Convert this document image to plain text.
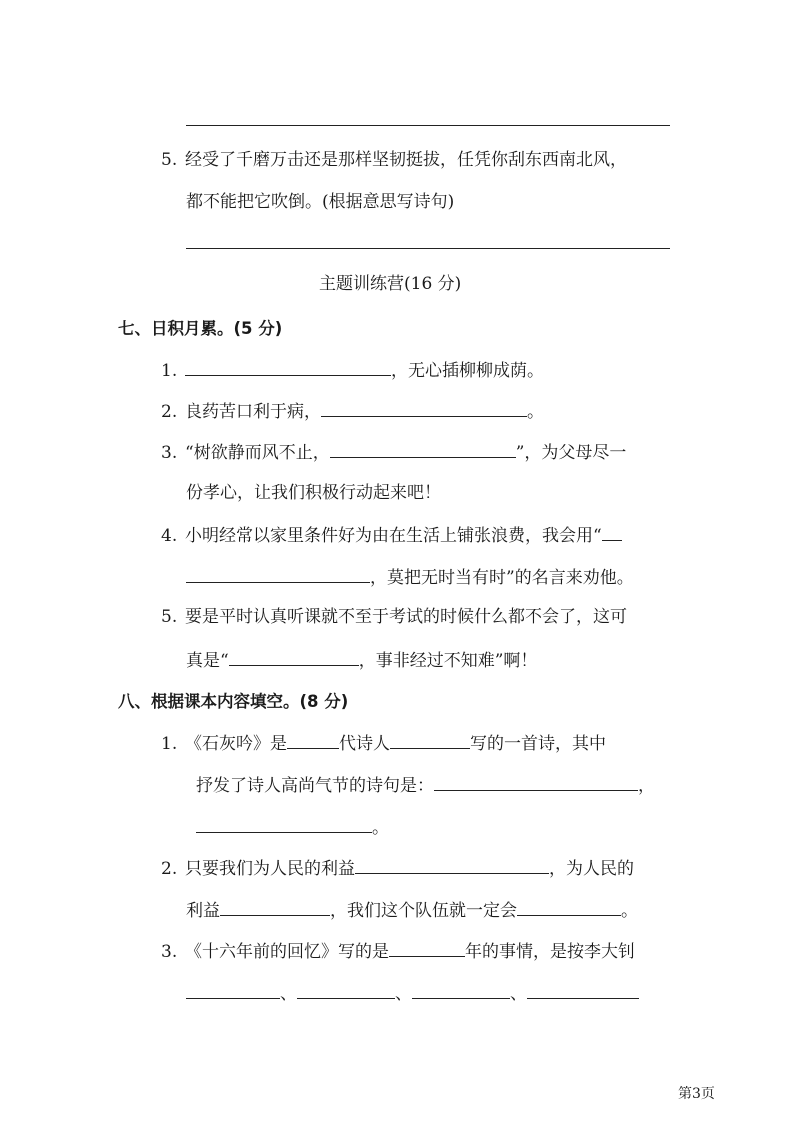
5. 经受了千磨万击还是那样坚韧挺拔，任凭你刮东西南北风，
都不能把它吹倒。(根据意思写诗句)
主题训练营(16 分)
七、日积月累。(5 分)
1.	，无心插柳柳成荫。
2. 良药苦口利于病，	。
3. “树欲静而风不止，	”，为父母尽一
份孝心，让我们积极行动起来吧！
4. 小明经常以家里条件好为由在生活上铺张浪费，我会用“
，莫把无时当有时”的名言来劝他。
5. 要是平时认真听课就不至于考试的时候什么都不会了，这可
真是“	，事非经过不知难”啊！
八、根据课本内容填空。(8 分)
1. 《石灰吟》是	代诗人	写的一首诗，其中
抒发了诗人高尚气节的诗句是：	，
。
2. 只要我们为人民的利益	，为人民的
利益	，我们这个队伍就一定会	。
3. 《十六年前的回忆》写的是	年的事情，是按李大钊
、	、	、
第3页
